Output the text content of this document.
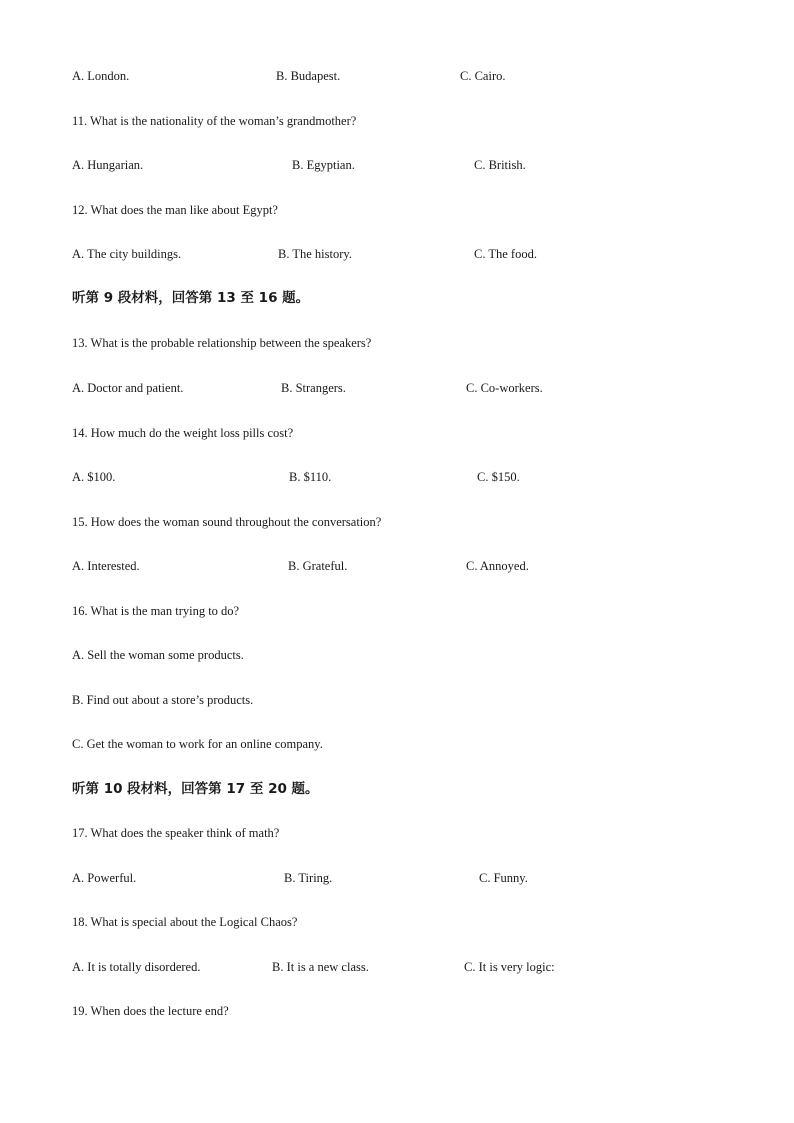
A. London.	B. Budapest.	C. Cairo.
11. What is the nationality of the woman’s grandmother?
A. Hungarian.	B. Egyptian.	C. British.
12. What does the man like about Egypt?
A. The city buildings.	B. The history.	C. The food.
听第 9 段材料，回答第 13 至 16 题。
13. What is the probable relationship between the speakers?
A. Doctor and patient.	B. Strangers.	C. Co-workers.
14. How much do the weight loss pills cost?
A. $100.	B. $110.	C. $150.
15. How does the woman sound throughout the conversation?
A. Interested.	B. Grateful.	C. Annoyed.
16. What is the man trying to do?
A. Sell the woman some products.
B. Find out about a store’s products.
C. Get the woman to work for an online company.
听第 10 段材料，回答第 17 至 20 题。
17. What does the speaker think of math?
A. Powerful.	B. Tiring.	C. Funny.
18. What is special about the Logical Chaos?
A. It is totally disordered.	B. It is a new class.	C. It is very logic:
19. When does the lecture end?
